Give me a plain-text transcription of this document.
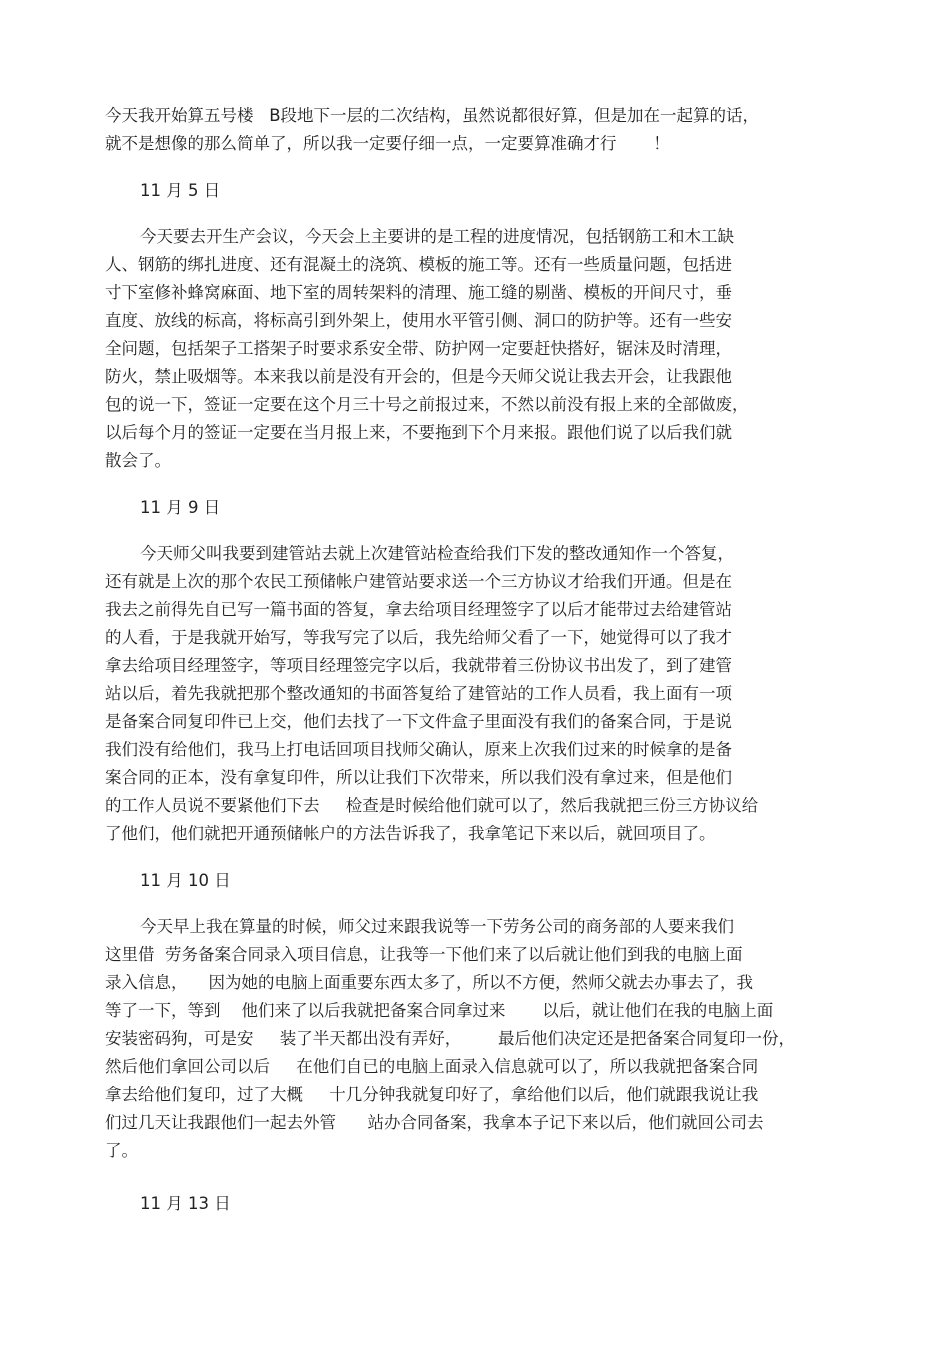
今天我开始算五号楼   B段地下一层的二次结构，虽然说都很好算，但是加在一起算的话，
就不是想像的那么简单了，所以我一定要仔细一点，一定要算准确才行       ！
11 月 5 日
今天要去开生产会议，今天会上主要讲的是工程的进度情况，包括钢筋工和木工缺
人、钢筋的绑扎进度、还有混凝土的浇筑、模板的施工等。还有一些质量问题，包括进
寸下室修补蜂窝麻面、地下室的周转架料的清理、施工缝的剔凿、模板的开间尺寸，垂
直度、放线的标高，将标高引到外架上，使用水平管引侧、洞口的防护等。还有一些安
全问题，包括架子工搭架子时要求系安全带、防护网一定要赶快搭好，锯沫及时清理，
防火，禁止吸烟等。本来我以前是没有开会的，但是今天师父说让我去开会，让我跟他
包的说一下，签证一定要在这个月三十号之前报过来，不然以前没有报上来的全部做废，
以后每个月的签证一定要在当月报上来，不要拖到下个月来报。跟他们说了以后我们就
散会了。
11 月 9 日
今天师父叫我要到建管站去就上次建管站检查给我们下发的整改通知作一个答复，
还有就是上次的那个农民工预储帐户建管站要求送一个三方协议才给我们开通。但是在
我去之前得先自已写一篇书面的答复，拿去给项目经理签字了以后才能带过去给建管站
的人看，于是我就开始写，等我写完了以后，我先给师父看了一下，她觉得可以了我才
拿去给项目经理签字，等项目经理签完字以后，我就带着三份协议书出发了，到了建管
站以后，着先我就把那个整改通知的书面答复给了建管站的工作人员看，我上面有一项
是备案合同复印件已上交，他们去找了一下文件盒子里面没有我们的备案合同，于是说
我们没有给他们，我马上打电话回项目找师父确认，原来上次我们过来的时候拿的是备
案合同的正本，没有拿复印件，所以让我们下次带来，所以我们没有拿过来，但是他们
的工作人员说不要紧他们下去     检查是时候给他们就可以了，然后我就把三份三方协议给
了他们，他们就把开通预储帐户的方法告诉我了，我拿笔记下来以后，就回项目了。
11 月 10 日
今天早上我在算量的时候，师父过来跟我说等一下劳务公司的商务部的人要来我们
这里借  劳务备案合同录入项目信息，让我等一下他们来了以后就让他们到我的电脑上面
录入信息，    因为她的电脑上面重要东西太多了，所以不方便，然师父就去办事去了，我
等了一下，等到    他们来了以后我就把备案合同拿过来       以后，就让他们在我的电脑上面
安装密码狗，可是安     装了半天都出没有弄好，       最后他们决定还是把备案合同复印一份，
然后他们拿回公司以后     在他们自已的电脑上面录入信息就可以了，所以我就把备案合同
拿去给他们复印，过了大概     十几分钟我就复印好了，拿给他们以后，他们就跟我说让我
们过几天让我跟他们一起去外管      站办合同备案，我拿本子记下来以后，他们就回公司去
了。
11 月 13 日
